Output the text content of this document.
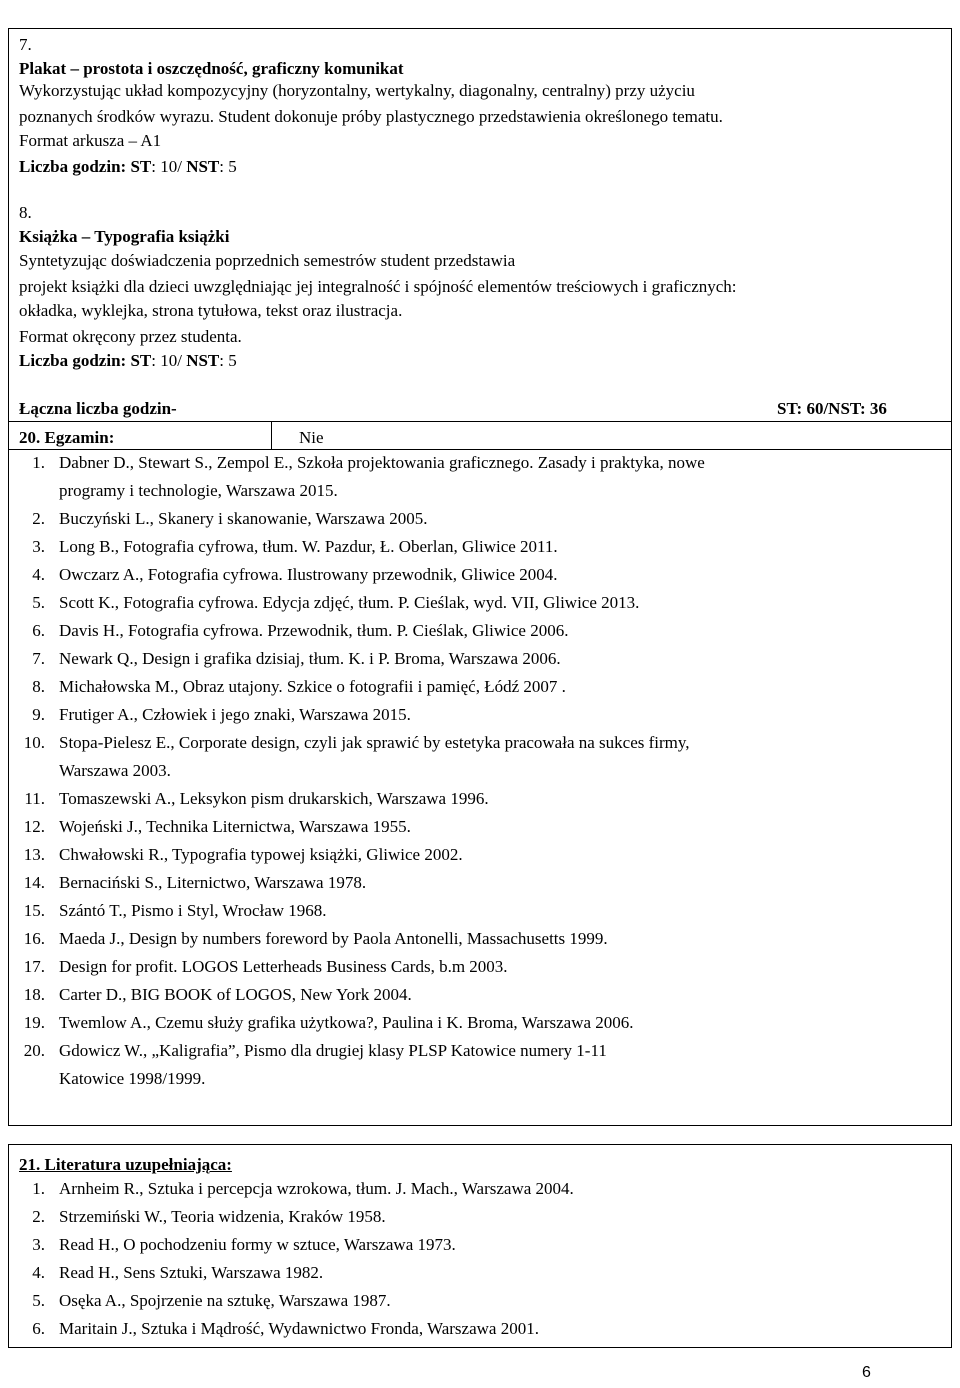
7.
Plakat – prostota i oszczędność, graficzny komunikat
Wykorzystując układ kompozycyjny (horyzontalny, wertykalny, diagonalny, centralny) przy użyciu
poznanych środków wyrazu. Student dokonuje próby plastycznego przedstawienia określonego tematu.
Format arkusza – A1
Liczba godzin: ST: 10/ NST: 5
8.
Książka – Typografia książki
Syntetyzując doświadczenia poprzednich semestrów student przedstawia
projekt książki dla dzieci uwzględniając jej integralność i spójność elementów treściowych i graficznych:
okładka, wyklejka, strona tytułowa, tekst oraz ilustracja.
Format okręcony przez studenta.
Liczba godzin: ST: 10/ NST: 5
Łączna liczba godzin-	ST: 60/NST: 36
20. Egzamin:	Nie
1. Dabner D., Stewart S., Zempol E., Szkoła projektowania graficznego. Zasady i praktyka, nowe
programy i technologie, Warszawa 2015.
2. Buczyński L., Skanery i skanowanie, Warszawa 2005.
3. Long B., Fotografia cyfrowa, tłum. W. Pazdur, Ł. Oberlan, Gliwice 2011.
4. Owczarz A., Fotografia cyfrowa. Ilustrowany przewodnik, Gliwice 2004.
5. Scott K., Fotografia cyfrowa. Edycja zdjęć, tłum. P. Cieślak, wyd. VII, Gliwice 2013.
6. Davis H., Fotografia cyfrowa. Przewodnik, tłum. P. Cieślak, Gliwice 2006.
7. Newark Q., Design i grafika dzisiaj, tłum. K. i P. Broma, Warszawa 2006.
8. Michałowska M., Obraz utajony. Szkice o fotografii i pamięć, Łódź 2007 .
9. Frutiger A., Człowiek i jego znaki, Warszawa 2015.
10. Stopa-Pielesz E., Corporate design, czyli jak sprawić by estetyka pracowała na sukces firmy,
Warszawa 2003.
11. Tomaszewski A., Leksykon pism drukarskich, Warszawa 1996.
12. Wojeński J., Technika Liternictwa, Warszawa 1955.
13. Chwałowski R., Typografia typowej książki, Gliwice 2002.
14. Bernaciński S., Liternictwo, Warszawa 1978.
15. Szántó T., Pismo i Styl, Wrocław 1968.
16. Maeda J., Design by numbers foreword by Paola Antonelli, Massachusetts 1999.
17. Design for profit. LOGOS Letterheads Business Cards, b.m 2003.
18. Carter D., BIG BOOK of LOGOS, New York 2004.
19. Twemlow A., Czemu służy grafika użytkowa?, Paulina i K. Broma, Warszawa 2006.
20. Gdowicz W., „Kaligrafia”, Pismo dla drugiej klasy PLSP Katowice numery 1-11
Katowice 1998/1999.
21. Literatura uzupełniająca:
1. Arnheim R., Sztuka i percepcja wzrokowa, tłum. J. Mach., Warszawa 2004.
2. Strzemiński W., Teoria widzenia, Kraków 1958.
3. Read H., O pochodzeniu formy w sztuce, Warszawa 1973.
4. Read H., Sens Sztuki, Warszawa 1982.
5. Osęka A., Spojrzenie na sztukę, Warszawa 1987.
6. Maritain J., Sztuka i Mądrość, Wydawnictwo Fronda, Warszawa 2001.
6
